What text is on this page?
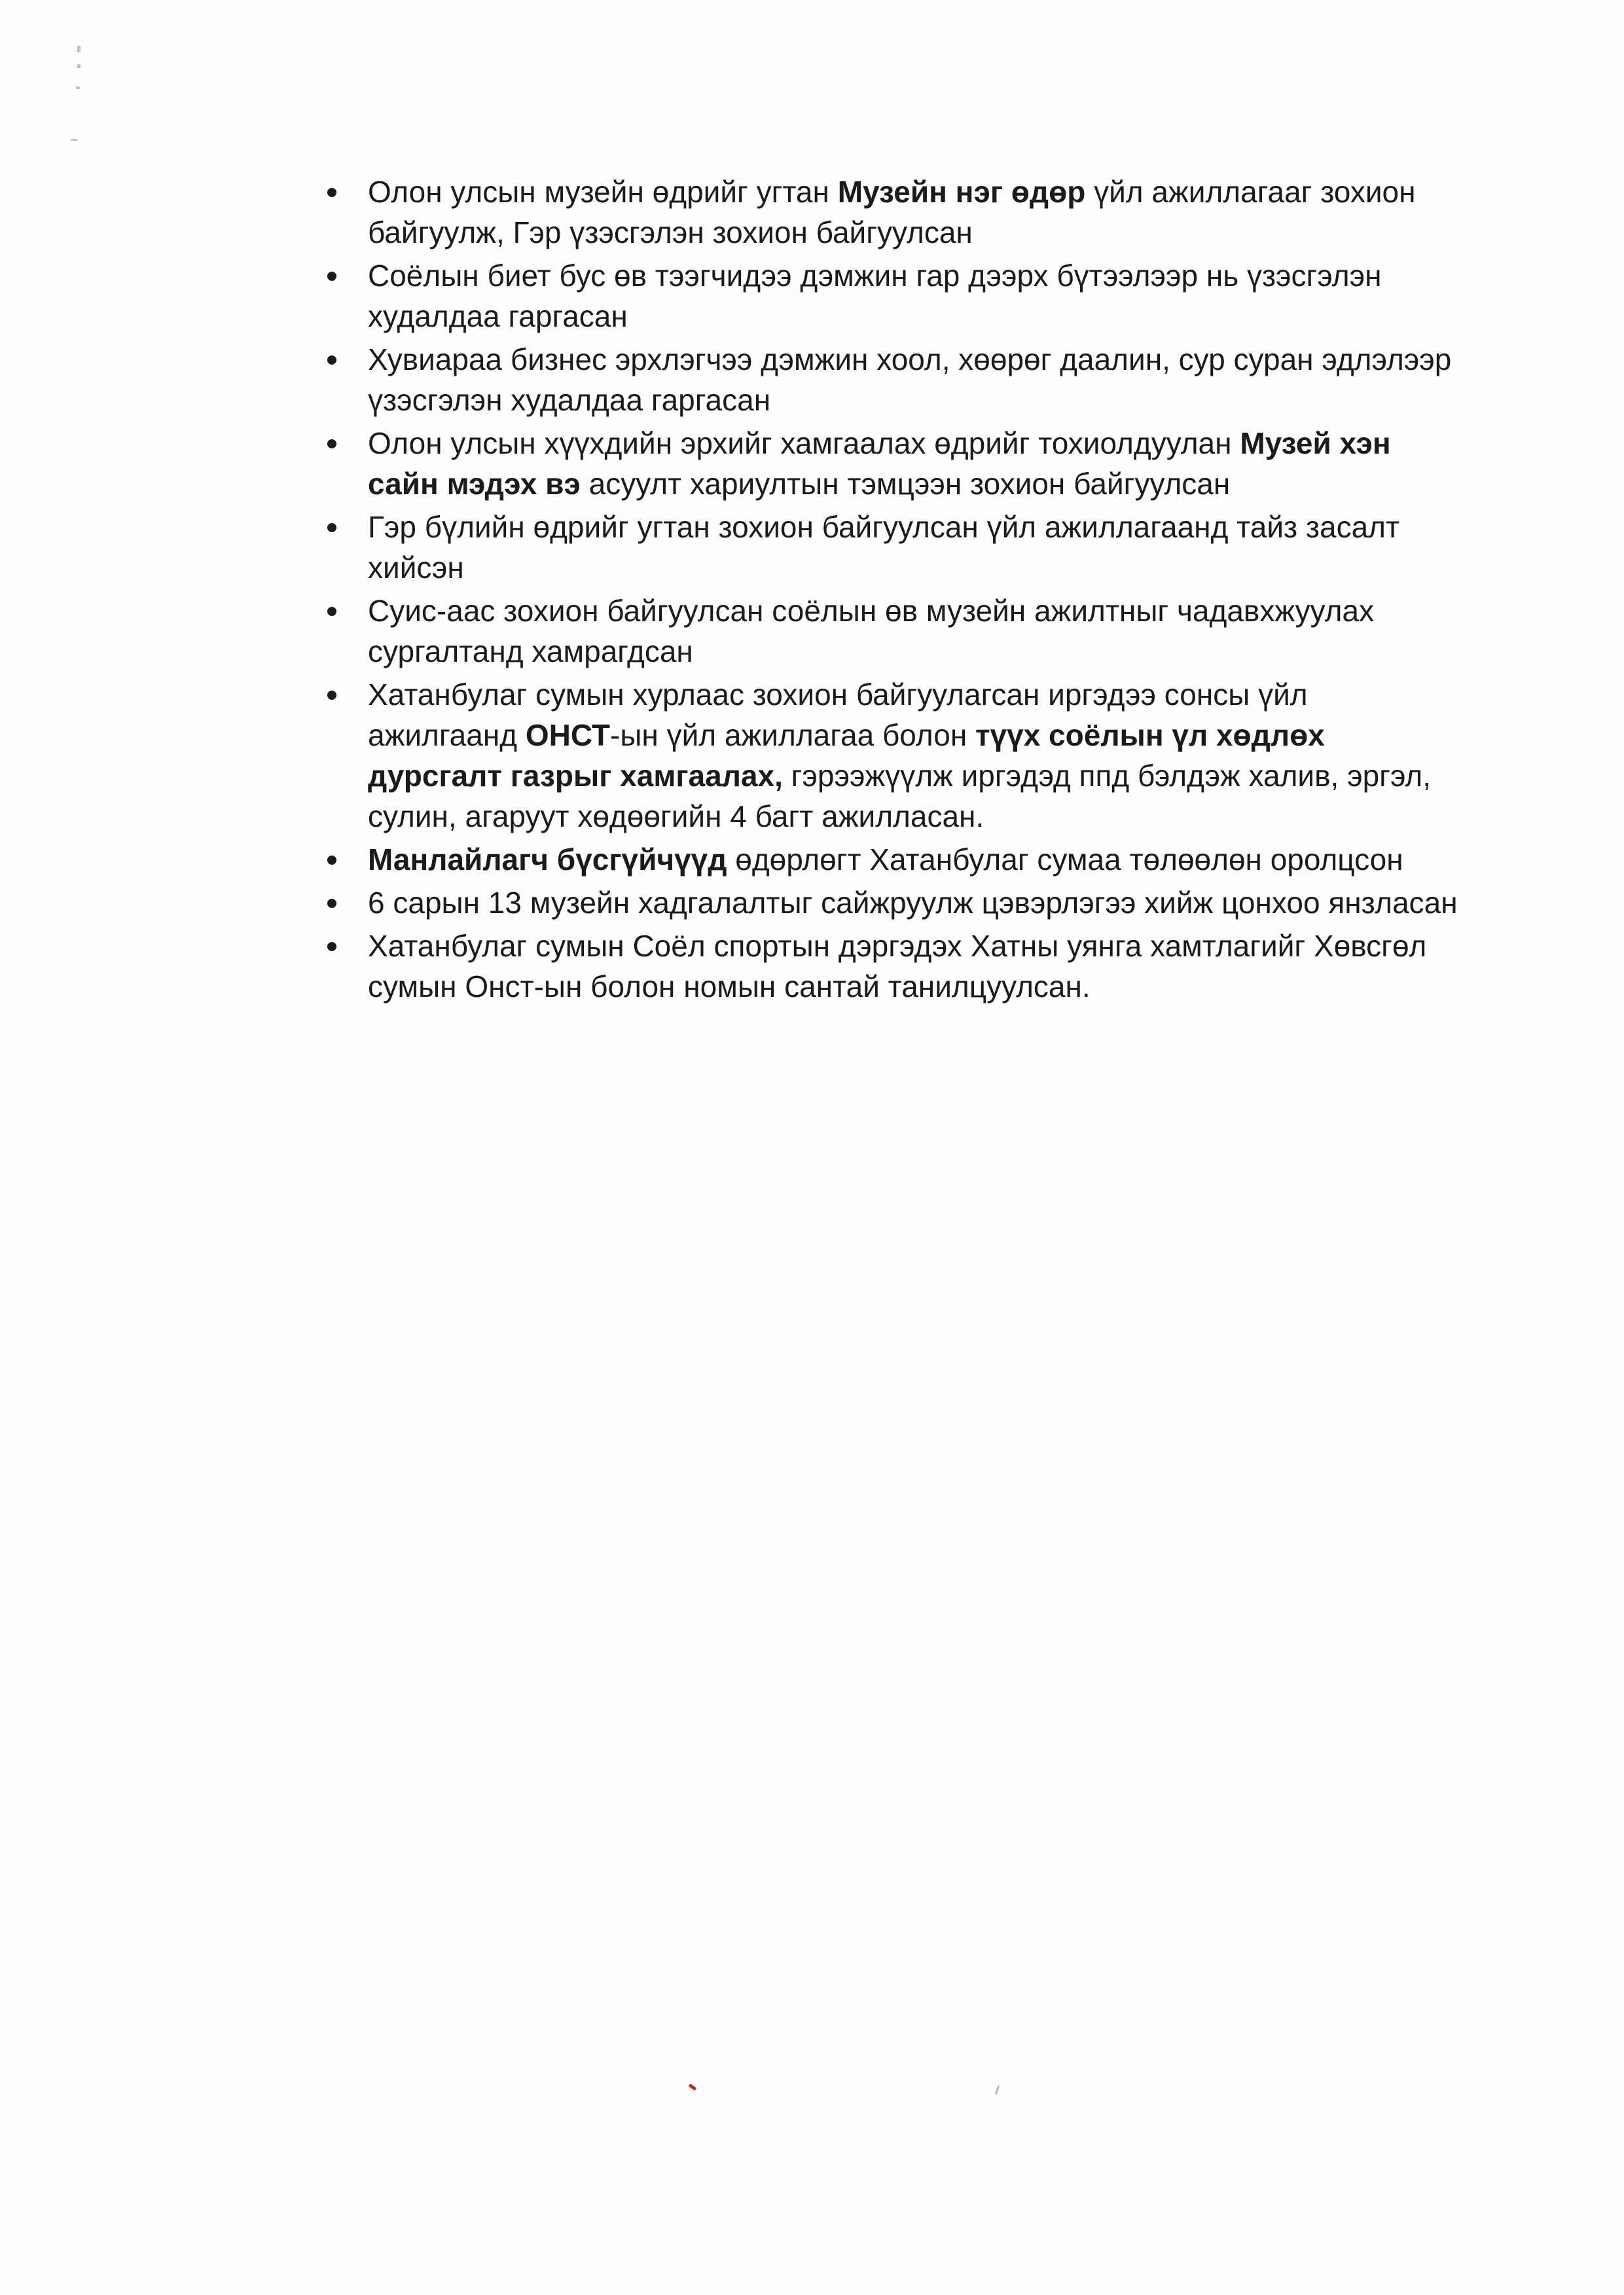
Олон улсын музейн өдрийг угтан Музейн нэг өдөр үйл ажиллагааг зохион байгуулж, Гэр үзэсгэлэн зохион байгуулсан
Соёлын биет бус өв тээгчидээ дэмжин гар дээрх бүтээлээр нь үзэсгэлэн худалдаа гаргасан
Хувиараа бизнес эрхлэгчээ дэмжин хоол, хөөрөг даалин, сур суран эдлэлээр үзэсгэлэн худалдаа гаргасан
Олон улсын хүүхдийн эрхийг хамгаалах өдрийг тохиолдуулан Музей хэн сайн мэдэх вэ асуулт хариултын тэмцээн зохион байгуулсан
Гэр бүлийн өдрийг угтан зохион байгуулсан үйл ажиллагаанд тайз засалт хийсэн
Суис-аас зохион байгуулсан соёлын өв музейн ажилтныг чадавхжуулах сургалтанд хамрагдсан
Хатанбулаг сумын хурлаас зохион байгуулагсан иргэдээ сонсы үйл ажилгаанд ОНСТ-ын үйл ажиллагаа болон түүх соёлын үл хөдлөх дурсгалт газрыг хамгаалах, гэрээжүүлж иргэдэд ппд бэлдэж халив, эргэл, сулин, агаруут хөдөөгийн 4 багт ажилласан.
Манлайлагч бүсгүйчүүд өдөрлөгт Хатанбулаг сумаа төлөөлөн оролцсон
6 сарын 13 музейн хадгалалтыг сайжруулж цэвэрлэгээ хийж цонхоо янзласан
Хатанбулаг сумын Соёл спортын дэргэдэх Хатны уянга хамтлагийг Хөвсгөл сумын Онст-ын болон номын сантай танилцуулсан.
